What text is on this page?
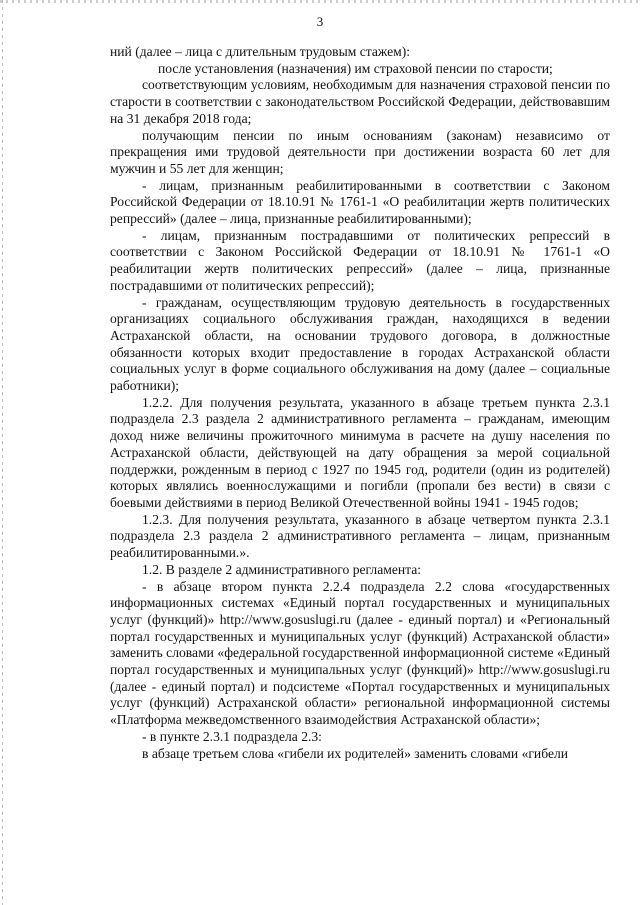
3

ний (далее – лица с длительным трудовым стажем):

после установления (назначения) им страховой пенсии по старости;

соответствующим условиям, необходимым для назначения страховой пенсии по старости в соответствии с законодательством Российской Федерации, действовавшим на 31 декабря 2018 года;

получающим пенсии по иным основаниям (законам) независимо от прекращения ими трудовой деятельности при достижении возраста 60 лет для мужчин и 55 лет для женщин;

- лицам, признанным реабилитированными в соответствии с Законом Российской Федерации от 18.10.91 № 1761-1 «О реабилитации жертв политических репрессий» (далее – лица, признанные реабилитированными);

- лицам, признанным пострадавшими от политических репрессий в соответствии с Законом Российской Федерации от 18.10.91 № 1761-1 «О реабилитации жертв политических репрессий» (далее – лица, признанные пострадавшими от политических репрессий);

- гражданам, осуществляющим трудовую деятельность в государственных организациях социального обслуживания граждан, находящихся в ведении Астраханской области, на основании трудового договора, в должностные обязанности которых входит предоставление в городах Астраханской области социальных услуг в форме социального обслуживания на дому (далее – социальные работники);

1.2.2. Для получения результата, указанного в абзаце третьем пункта 2.3.1 подраздела 2.3 раздела 2 административного регламента – гражданам, имеющим доход ниже величины прожиточного минимума в расчете на душу населения по Астраханской области, действующей на дату обращения за мерой социальной поддержки, рожденным в период с 1927 по 1945 год, родители (один из родителей) которых являлись военнослужащими и погибли (пропали без вести) в связи с боевыми действиями в период Великой Отечественной войны 1941 - 1945 годов;

1.2.3. Для получения результата, указанного в абзаце четвертом пункта 2.3.1 подраздела 2.3 раздела 2 административного регламента – лицам, признанным реабилитированными.».

1.2. В разделе 2 административного регламента:

- в абзаце втором пункта 2.2.4 подраздела 2.2 слова «государственных информационных системах «Единый портал государственных и муниципальных услуг (функций)» http://www.gosuslugi.ru (далее - единый портал) и «Региональный портал государственных и муниципальных услуг (функций) Астраханской области» заменить словами «федеральной государственной информационной системе «Единый портал государственных и муниципальных услуг (функций)» http://www.gosuslugi.ru (далее - единый портал) и подсистеме «Портал государственных и муниципальных услуг (функций) Астраханской области» региональной информационной системы «Платформа межведомственного взаимодействия Астраханской области»;

- в пункте 2.3.1 подраздела 2.3:

в абзаце третьем слова «гибели их родителей» заменить словами «гибели
